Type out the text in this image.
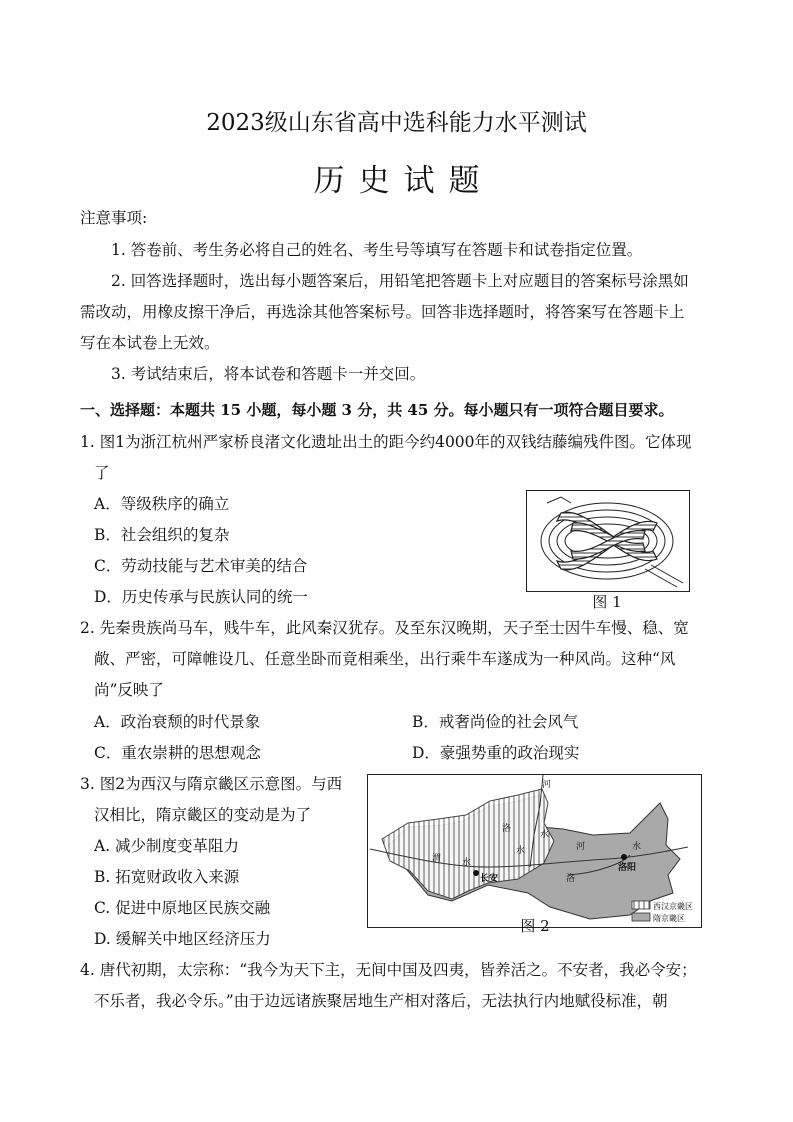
2023级山东省高中选科能力水平测试
历史试题
注意事项:
1. 答卷前、考生务必将自己的姓名、考生号等填写在答题卡和试卷指定位置。
2. 回答选择题时，选出每小题答案后，用铅笔把答题卡上对应题目的答案标号涂黑如
需改动，用橡皮擦干净后，再选涂其他答案标号。回答非选择题时，将答案写在答题卡上
写在本试卷上无效。
3. 考试结束后，将本试卷和答题卡一并交回。
一、选择题：本题共 15 小题，每小题 3 分，共 45 分。每小题只有一项符合题目要求。
1. 图1为浙江杭州严家桥良渚文化遗址出土的距今约4000年的双钱结藤编残件图。它体现
了
A．等级秩序的确立
B．社会组织的复杂
C．劳动技能与艺术审美的结合
D．历史传承与民族认同的统一	图 1
2. 先秦贵族尚马车，贱牛车，此风秦汉犹存。及至东汉晚期，天子至士因牛车慢、稳、宽
敞、严密，可障帷设几、任意坐卧而竟相乘坐，出行乘牛车遂成为一种风尚。这种“风
尚”反映了
A．政治衰颓的时代景象	B．戒奢尚俭的社会风气
C．重农崇耕的思想观念	D．豪强势重的政治现实
3. 图2为西汉与隋京畿区示意图。与西
汉相比，隋京畿区的变动是为了
A. 减少制度变革阻力
B. 拓宽财政收入来源
C. 促进中原地区民族交融
D. 缓解关中地区经济压力
长安
洛阳
河
河
水
水
水
水
洛
洛
渭
西汉京畿区
隋京畿区
图 2
4. 唐代初期，太宗称：“我今为天下主，无间中国及四夷，皆养活之。不安者，我必令安；
不乐者，我必令乐。”由于边远诸族聚居地生产相对落后，无法执行内地赋役标准，朝
